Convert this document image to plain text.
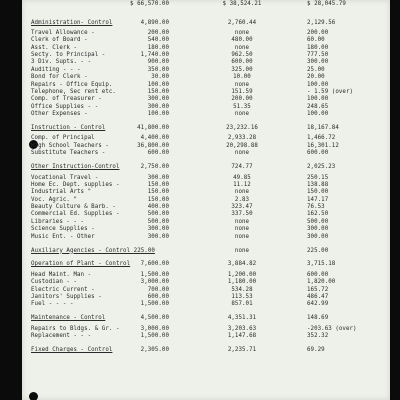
$ 66,570.00	$ 38,524.21	$ 28,045.79
Administration- Control	4,890.00	2,760.44	2,129.56
Travel Allowance -	200.00	none	200.00
Clerk of Board -	540.00	480.00	60.00
Asst. Clerk -	180.00	none	180.00
Secty. to Principal -	1,740.00	962.50	777.50
3 Div. Supts. - -	900.00	600.00	300.00
Auditing - - -	350.00	325.00	25.00
Bond for Clerk -	30.00	10.00	20.00
Repairs - Office Equip.	100.00	none	100.00
Telephone, Sec rent etc.	150.00	151.59	- 1.59 (over)
Comp. of Treasurer -	300.00	200.00	100.00
Office Supplies - -	300.00	51.35	248.65
Other Expenses -	100.00	none	100.00
Instruction - Control	41,800.00	23,232.16	18,167.84
Comp. of Principal	4,400.00	2,933.28	1,466.72
High School Teachers -	36,800.00	20,298.88	16,301.12
Substitute Teachers -	600.00	none	600.00
Other Instruction-Control	2,750.00	724.77	2,025.23
Vocational Travel -	300.00	49.85	250.15
Home Ec. Dept. supplies -	150.00	11.12	138.88
Industrial Arts "	150.00	none	150.00
Voc. Agric. "	150.00	2.83	147.17
Beauty Culture & Barb. -	400.00	323.47	76.53
Commercial Ed. Supplies -	500.00	337.50	162.50
Libraries - - -	500.00	none	500.00
Science Supplies -	300.00	none	300.00
Music Ent. - Other	300.00	none	300.00
Auxiliary Agencies - Control 225.00	none	225.00
Operation of Plant - Control	7,600.00	3,884.82	3,715.18
Head Maint. Man -	1,500.00	1,200.00	600.00
Custodian - -	3,000.00	1,180.00	1,820.00
Electric Current -	700.00	534.28	165.72
Janitors' Supplies -	600.00	113.53	486.47
Fuel - - - -	1,500.00	857.01	642.99
Maintenance - Control	4,500.00	4,351.31	148.69
Repairs to Bldgs. & Gr. -	3,000.00	3,203.63	-203.63 (over)
Replacement - - -	1,500.00	1,147.68	352.32
Fixed Charges - Control	2,305.00	2,235.71	69.29
